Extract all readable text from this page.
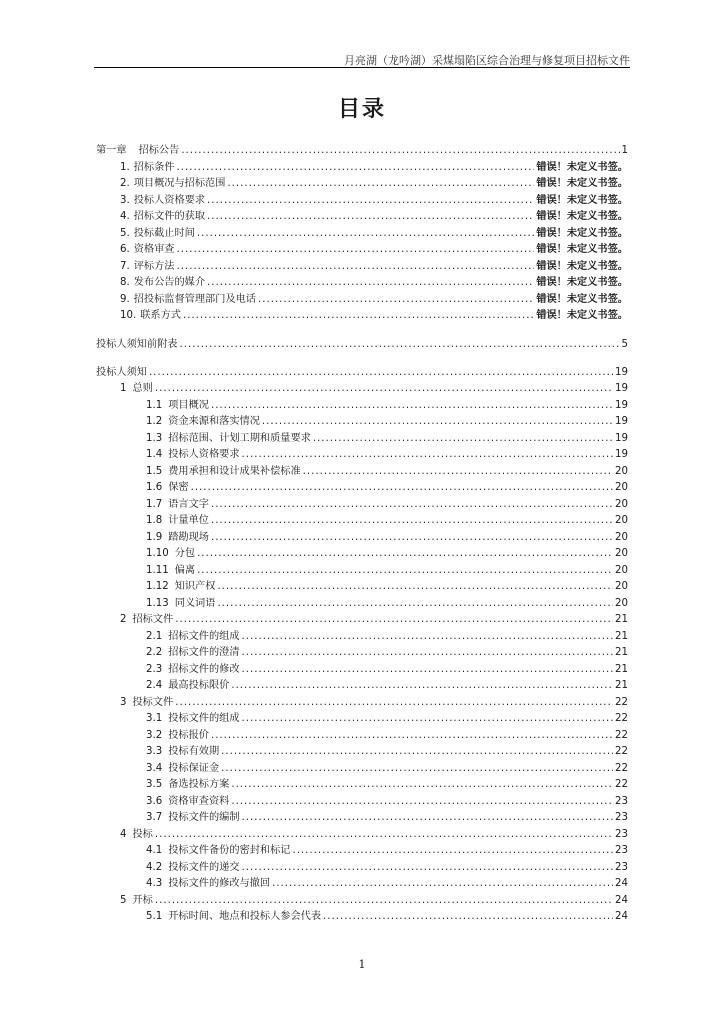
月亮湖（龙吟湖）采煤塌陷区综合治理与修复项目招标文件
目录
第一章 招标公告 .....	1
1. 招标条件 .....	错误！未定义书签。
2. 项目概况与招标范围 .....	错误！未定义书签。
3. 投标人资格要求 .....	错误！未定义书签。
4. 招标文件的获取 .....	错误！未定义书签。
5. 投标截止时间 .....	错误！未定义书签。
6. 资格审查 .....	错误！未定义书签。
7. 评标方法 .....	错误！未定义书签。
8. 发布公告的媒介 .....	错误！未定义书签。
9. 招投标监督管理部门及电话 .....	错误！未定义书签。
10. 联系方式 .....	错误！未定义书签。
投标人须知前附表 .....	5
投标人须知 .....	19
1 总则 .....	19
1.1 项目概况 .....	19
1.2 资金来源和落实情况 .....	19
1.3 招标范围、计划工期和质量要求 .....	19
1.4 投标人资格要求 .....	19
1.5 费用承担和设计成果补偿标准 .....	20
1.6 保密 .....	20
1.7 语言文字 .....	20
1.8 计量单位 .....	20
1.9 踏勘现场 .....	20
1.10 分包 .....	20
1.11 偏离 .....	20
1.12 知识产权 .....	20
1.13 同义词语 .....	20
2 招标文件 .....	21
2.1 招标文件的组成 .....	21
2.2 招标文件的澄清 .....	21
2.3 招标文件的修改 .....	21
2.4 最高投标限价 .....	21
3 投标文件 .....	22
3.1 投标文件的组成 .....	22
3.2 投标报价 .....	22
3.3 投标有效期 .....	22
3.4 投标保证金 .....	22
3.5 备选投标方案 .....	22
3.6 资格审查资料 .....	23
3.7 投标文件的编制 .....	23
4 投标 .....	23
4.1 投标文件备份的密封和标记 .....	23
4.2 投标文件的递交 .....	23
4.3 投标文件的修改与撤回 .....	24
5 开标 .....	24
5.1 开标时间、地点和投标人参会代表 .....	24
1
